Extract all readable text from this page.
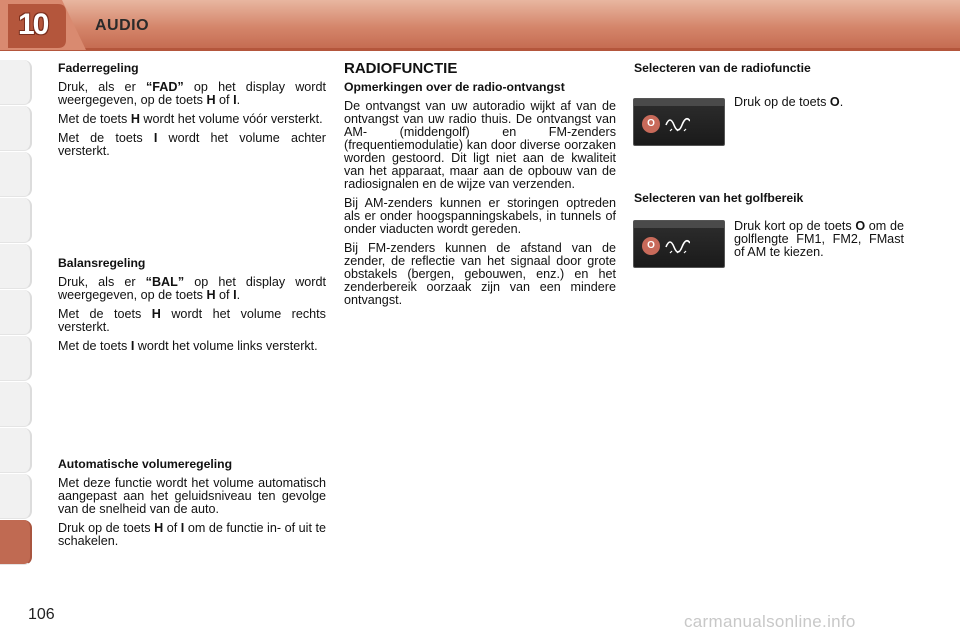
10	AUDIO

Faderregeling

Druk, als er “FAD” op het display wordt weergegeven, op de toets H of I.

Met de toets H wordt het volume vóór versterkt.

Met de toets I wordt het volume achter versterkt.

Balansregeling

Druk, als er “BAL” op het display wordt weergegeven, op de toets H of I.

Met de toets H wordt het volume rechts versterkt.

Met de toets I wordt het volume links versterkt.

Automatische volumeregeling

Met deze functie wordt het volume automatisch aangepast aan het geluidsniveau ten gevolge van de snelheid van de auto.

Druk op de toets H of I om de functie in- of uit te schakelen.

RADIOFUNCTIE

Opmerkingen over de radio-ontvangst

De ontvangst van uw autoradio wijkt af van de ontvangst van uw radio thuis. De ontvangst van AM- (middengolf) en FM-zenders (frequentiemodulatie) kan door diverse oorzaken worden gestoord. Dit ligt niet aan de kwaliteit van het apparaat, maar aan de opbouw van de radiosignalen en de wijze van verzenden.

Bij AM-zenders kunnen er storingen optreden als er onder hoogspanningskabels, in tunnels of onder viaducten wordt gereden.

Bij FM-zenders kunnen de afstand van de zender, de reflectie van het signaal door grote obstakels (bergen, gebouwen, enz.) en het zenderbereik oorzaak zijn van een mindere ontvangst.

Selecteren van de radiofunctie

O

Druk op de toets O.

Selecteren van het golfbereik

O

Druk kort op de toets O om de golflengte FM1, FM2, FMast of AM te kiezen.

106	carmanualsonline.info
